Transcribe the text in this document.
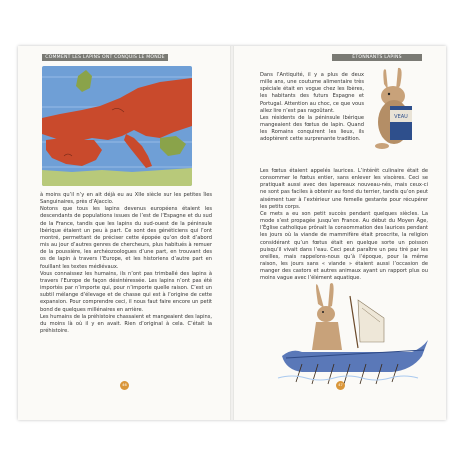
COMMENT LES LAPINS ONT CONQUIS LE MONDE

à moins qu’il n’y en ait déjà eu au XIIe siècle sur les petites îles Sanguinaires, près d’Ajaccio.

Notons que tous les lapins devenus européens étaient les descendants de populations issues de l’est de l’Espagne et du sud de la France, tandis que les lapins du sud-ouest de la péninsule Ibérique étaient un peu à part. Ce sont des généticiens qui l’ont montré, permettant de préciser cette épopée qu’on doit d’abord mis au jour d’autres genres de chercheurs, plus habitués à remuer de la poussière, les archéozoologues d’une part, en trouvant des os de lapin à travers l’Europe, et les historiens d’autre part en fouillant les textes médiévaux.

Vous connaissez les humains, ils n’ont pas trimballé des lapins à travers l’Europe de façon désintéressée. Les lapins n’ont pas été importés par n’importe qui, pour n’importe quelle raison. C’est un subtil mélange d’élevage et de chasse qui est à l’origine de cette expansion. Pour comprendre ceci, il nous faut faire encore un petit bond de quelques millénaires en arrière.

Les humains de la préhistoire chassaient et mangeaient des lapins, du moins là où il y en avait. Rien d’original à cela. C’était la préhistoire.

46
ÉTONNANTS LAPINS

Dans l’Antiquité, il y a plus de deux mille ans, une coutume alimentaire très spéciale était en vogue chez les Ibères, les habitants des futurs Espagne et Portugal. Attention au choc, ce que vous allez lire n’est pas ragoûtant.

Les résidents de la péninsule Ibérique mangeaient des fœtus de lapin. Quand les Romains conquirent les lieux, ils adoptèrent cette surprenante tradition.

VEAU

Les fœtus étaient appelés laurices. L’intérêt culinaire était de consommer le fœtus entier, sans enlever les viscères. Ceci se pratiquait aussi avec des lapereaux nouveau-nés, mais ceux-ci ne sont pas faciles à obtenir au fond du terrier, tandis qu’on peut aisément tuer à l’extérieur une femelle gestante pour récupérer les petits corps.

Ce mets a eu son petit succès pendant quelques siècles. La mode s’est propagée jusqu’en France. Au début du Moyen Âge, l’Église catholique prônait la consommation des laurices pendant les jours où la viande de mammifère était proscrite, la religion considérant qu’un fœtus était en quelque sorte un poisson puisqu’il vivait dans l’eau. Ceci peut paraître un peu tiré par les oreilles, mais rappelons-nous qu’à l’époque, pour la même raison, les jours sans « viande » étaient aussi l’occasion de manger des castors et autres animaux ayant un rapport plus ou moins vague avec l’élément aquatique.

47
